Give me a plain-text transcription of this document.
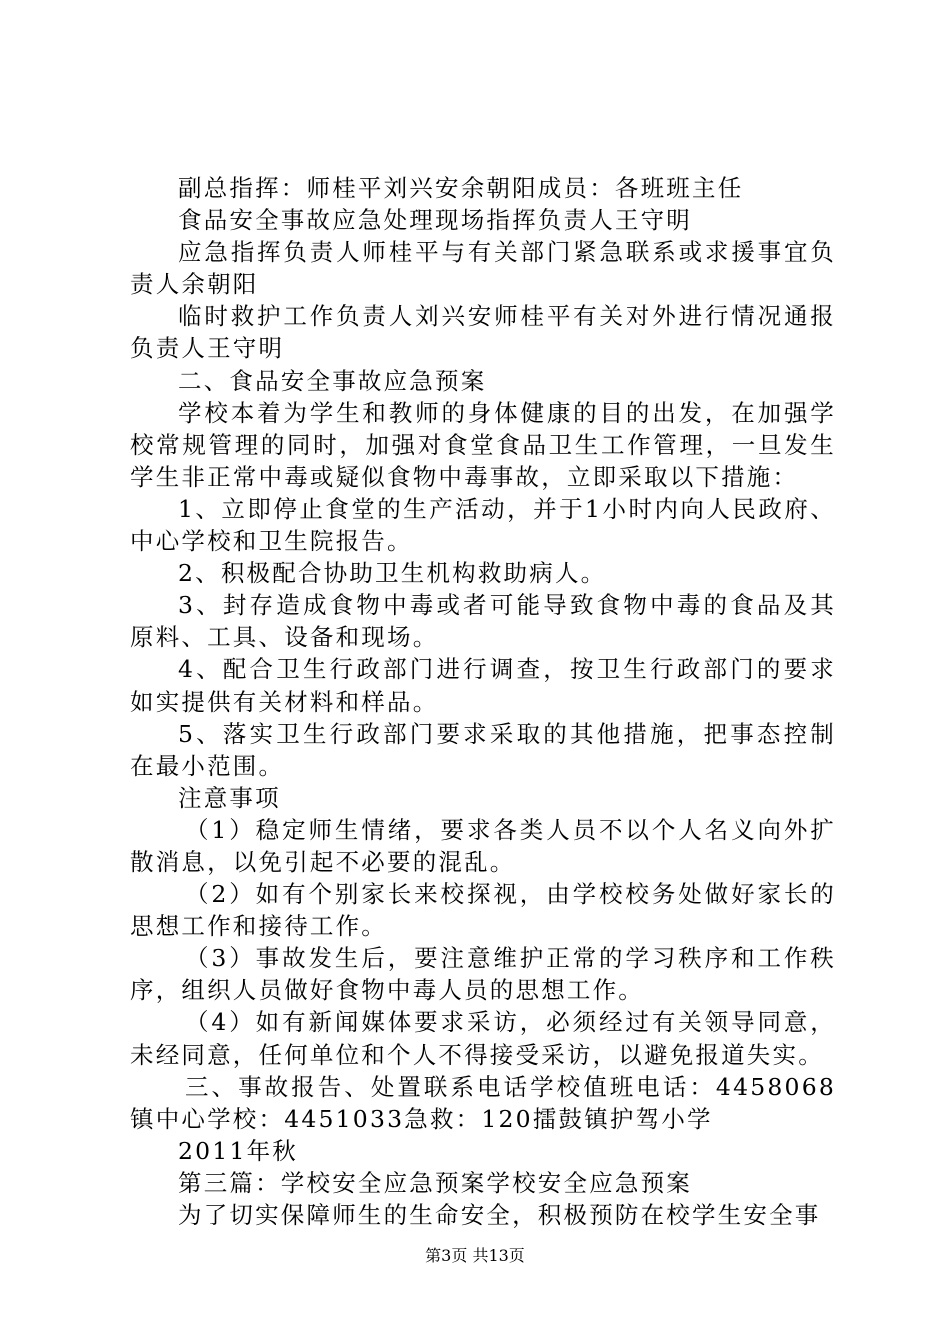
副总指挥：师桂平刘兴安余朝阳成员：各班班主任

食品安全事故应急处理现场指挥负责人王守明

应急指挥负责人师桂平与有关部门紧急联系或求援事宜负责人余朝阳

临时救护工作负责人刘兴安师桂平有关对外进行情况通报负责人王守明

二、食品安全事故应急预案

学校本着为学生和教师的身体健康的目的出发，在加强学校常规管理的同时，加强对食堂食品卫生工作管理，一旦发生学生非正常中毒或疑似食物中毒事故，立即采取以下措施：

1、立即停止食堂的生产活动，并于1小时内向人民政府、中心学校和卫生院报告。

2、积极配合协助卫生机构救助病人。

3、封存造成食物中毒或者可能导致食物中毒的食品及其原料、工具、设备和现场。

4、配合卫生行政部门进行调查，按卫生行政部门的要求如实提供有关材料和样品。

5、落实卫生行政部门要求采取的其他措施，把事态控制在最小范围。

注意事项

（1）稳定师生情绪，要求各类人员不以个人名义向外扩散消息，以免引起不必要的混乱。

（2）如有个别家长来校探视，由学校校务处做好家长的思想工作和接待工作。

（3）事故发生后，要注意维护正常的学习秩序和工作秩序，组织人员做好食物中毒人员的思想工作。

（4）如有新闻媒体要求采访，必须经过有关领导同意，未经同意，任何单位和个人不得接受采访，以避免报道失实。

三、事故报告、处置联系电话学校值班电话：4458068镇中心学校：4451033急救：120擂鼓镇护驾小学

2011年秋

第三篇：学校安全应急预案学校安全应急预案

为了切实保障师生的生命安全，积极预防在校学生安全事

第3页 共13页
